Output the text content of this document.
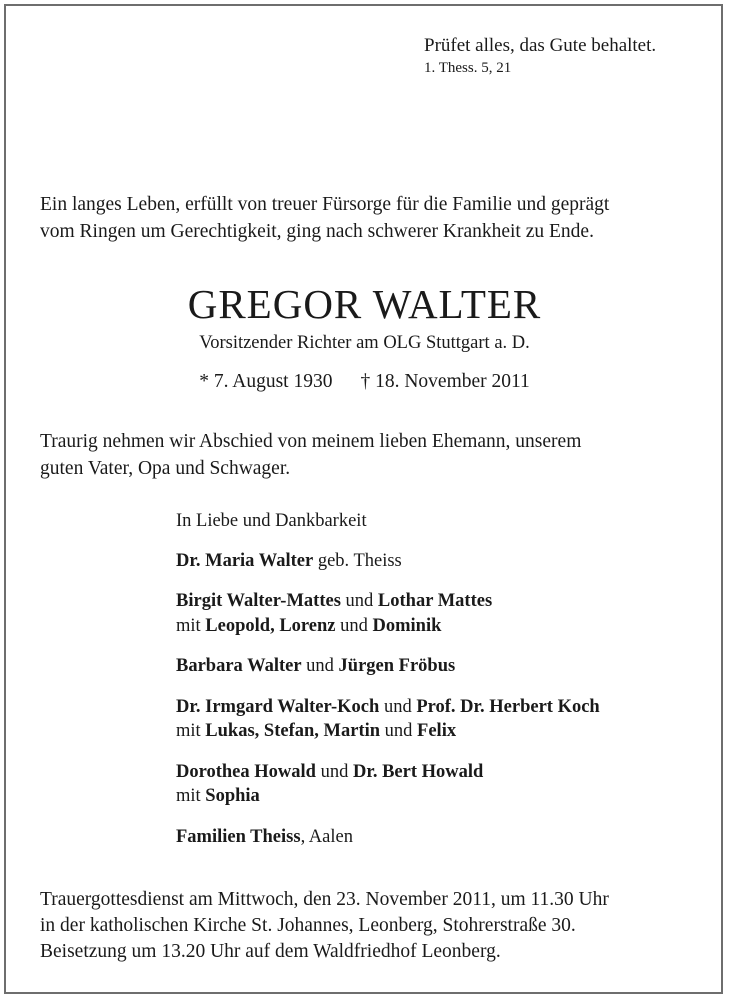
Prüfet alles, das Gute behaltet.
1. Thess. 5, 21
Ein langes Leben, erfüllt von treuer Fürsorge für die Familie und geprägt
vom Ringen um Gerechtigkeit, ging nach schwerer Krankheit zu Ende.
GREGOR WALTER
Vorsitzender Richter am OLG Stuttgart a. D.
* 7. August 1930 † 18. November 2011
Traurig nehmen wir Abschied von meinem lieben Ehemann, unserem
guten Vater, Opa und Schwager.
In Liebe und Dankbarkeit
Dr. Maria Walter geb. Theiss
Birgit Walter-Mattes und Lothar Mattes
mit Leopold, Lorenz und Dominik
Barbara Walter und Jürgen Fröbus
Dr. Irmgard Walter-Koch und Prof. Dr. Herbert Koch
mit Lukas, Stefan, Martin und Felix
Dorothea Howald und Dr. Bert Howald
mit Sophia
Familien Theiss, Aalen
Trauergottesdienst am Mittwoch, den 23. November 2011, um 11.30 Uhr
in der katholischen Kirche St. Johannes, Leonberg, Stohrerstraße 30.
Beisetzung um 13.20 Uhr auf dem Waldfriedhof Leonberg.
